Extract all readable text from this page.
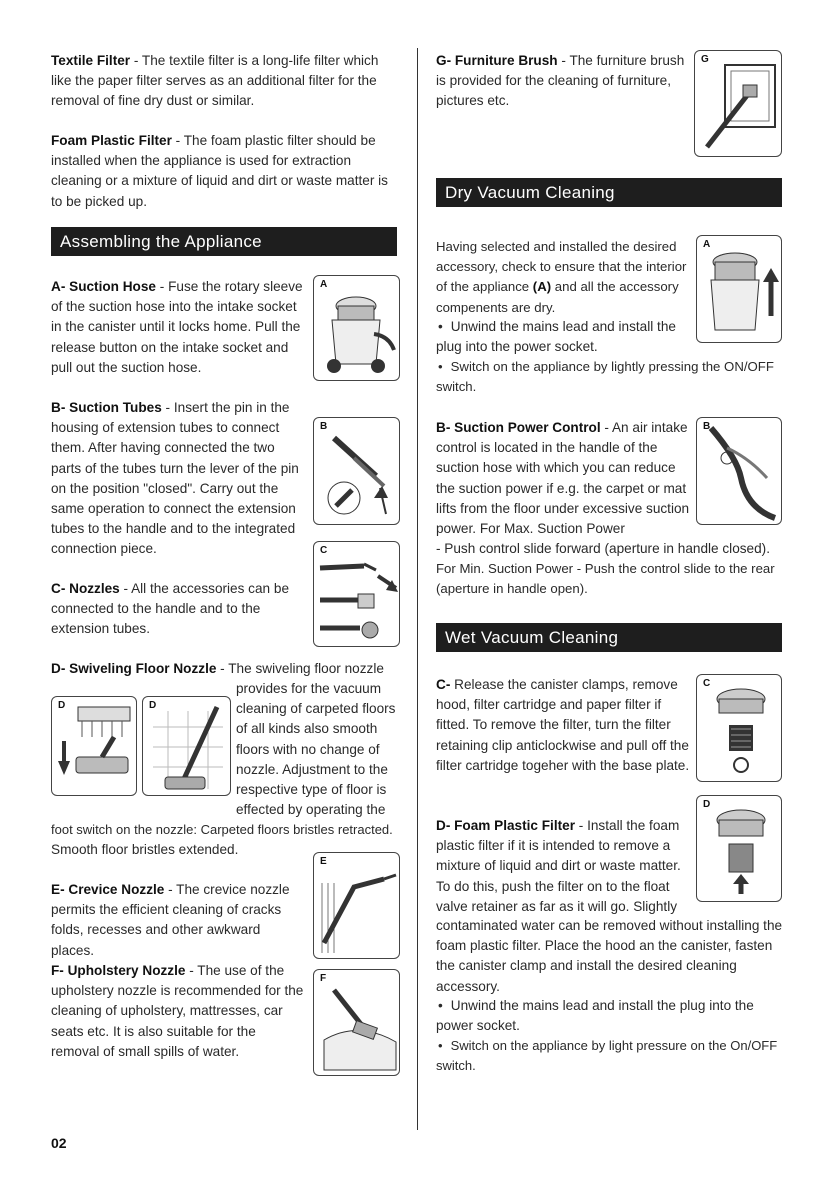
Textile Filter - The textile filter is a long-life filter which like the paper filter serves as an additional filter for the removal of fine dry dust or similar.
Foam Plastic Filter - The foam plastic filter should be installed when the appliance is used for extraction cleaning or a mixture of liquid and dirt or waste matter is to be picked up.
Assembling the Appliance
A- Suction Hose - Fuse the rotary sleeve of the suction hose into the intake socket in the canister until it locks home. Pull the release button on the intake socket and pull out the suction hose.
A
B- Suction Tubes - Insert the pin in the housing of extension tubes to connect them. After having connected the two parts of the tubes turn the lever of the pin on the position "closed". Carry out the same operation to connect the extension tubes to the handle and to the integrated connection piece.
B
C
C- Nozzles - All the accessories can be connected to the handle and to the extension tubes.
D- Swiveling Floor Nozzle - The swiveling floor nozzle
D	D
provides for the vacuum cleaning of carpeted floors of all kinds also smooth floors with no change of nozzle. Adjustment to the respective type of floor is effected by operating the
foot switch on the nozzle: Carpeted floors bristles retracted.
Smooth floor bristles extended.
E
E- Crevice Nozzle - The crevice nozzle permits the efficient cleaning of cracks folds, recesses and other awkward places.
F- Upholstery Nozzle - The use of the upholstery nozzle is recommended for the cleaning of upholstery, mattresses, car seats etc. It is also suitable for the removal of small spills of water.
F
G- Furniture Brush - The furniture brush is provided for the cleaning of furniture, pictures etc.
G
Dry Vacuum Cleaning
Having selected and installed the desired accessory, check to ensure that the interior of the appliance (A) and all the accessory compenents are dry.
• Unwind the mains lead and install the plug into the power socket.
A
• Switch on the appliance by lightly pressing the ON/OFF switch.
B- Suction Power Control - An air intake control is located in the handle of the suction hose with which you can reduce the suction power if e.g. the carpet or mat lifts from the floor under excessive suction power. For Max. Suction Power
B
- Push control slide forward (aperture in handle closed).
For Min. Suction Power - Push the control slide to the rear (aperture in handle open).
Wet Vacuum Cleaning
C- Release the canister clamps, remove hood, filter cartridge and paper filter if fitted. To remove the filter, turn the filter retaining clip anticlockwise and pull off the filter cartridge togeher with the base plate.
C
D
D- Foam Plastic Filter - Install the foam plastic filter if it is intended to remove a mixture of liquid and dirt or waste matter. To do this, push the filter on to the float valve retainer as far as it will go. Slightly
contaminated water can be removed without installing the foam plastic filter. Place the hood an the canister, fasten the canister clamp and install the desired cleaning accessory.
• Unwind the mains lead and install the plug into the power socket.
• Switch on the appliance by light pressure on the On/OFF switch.
02
